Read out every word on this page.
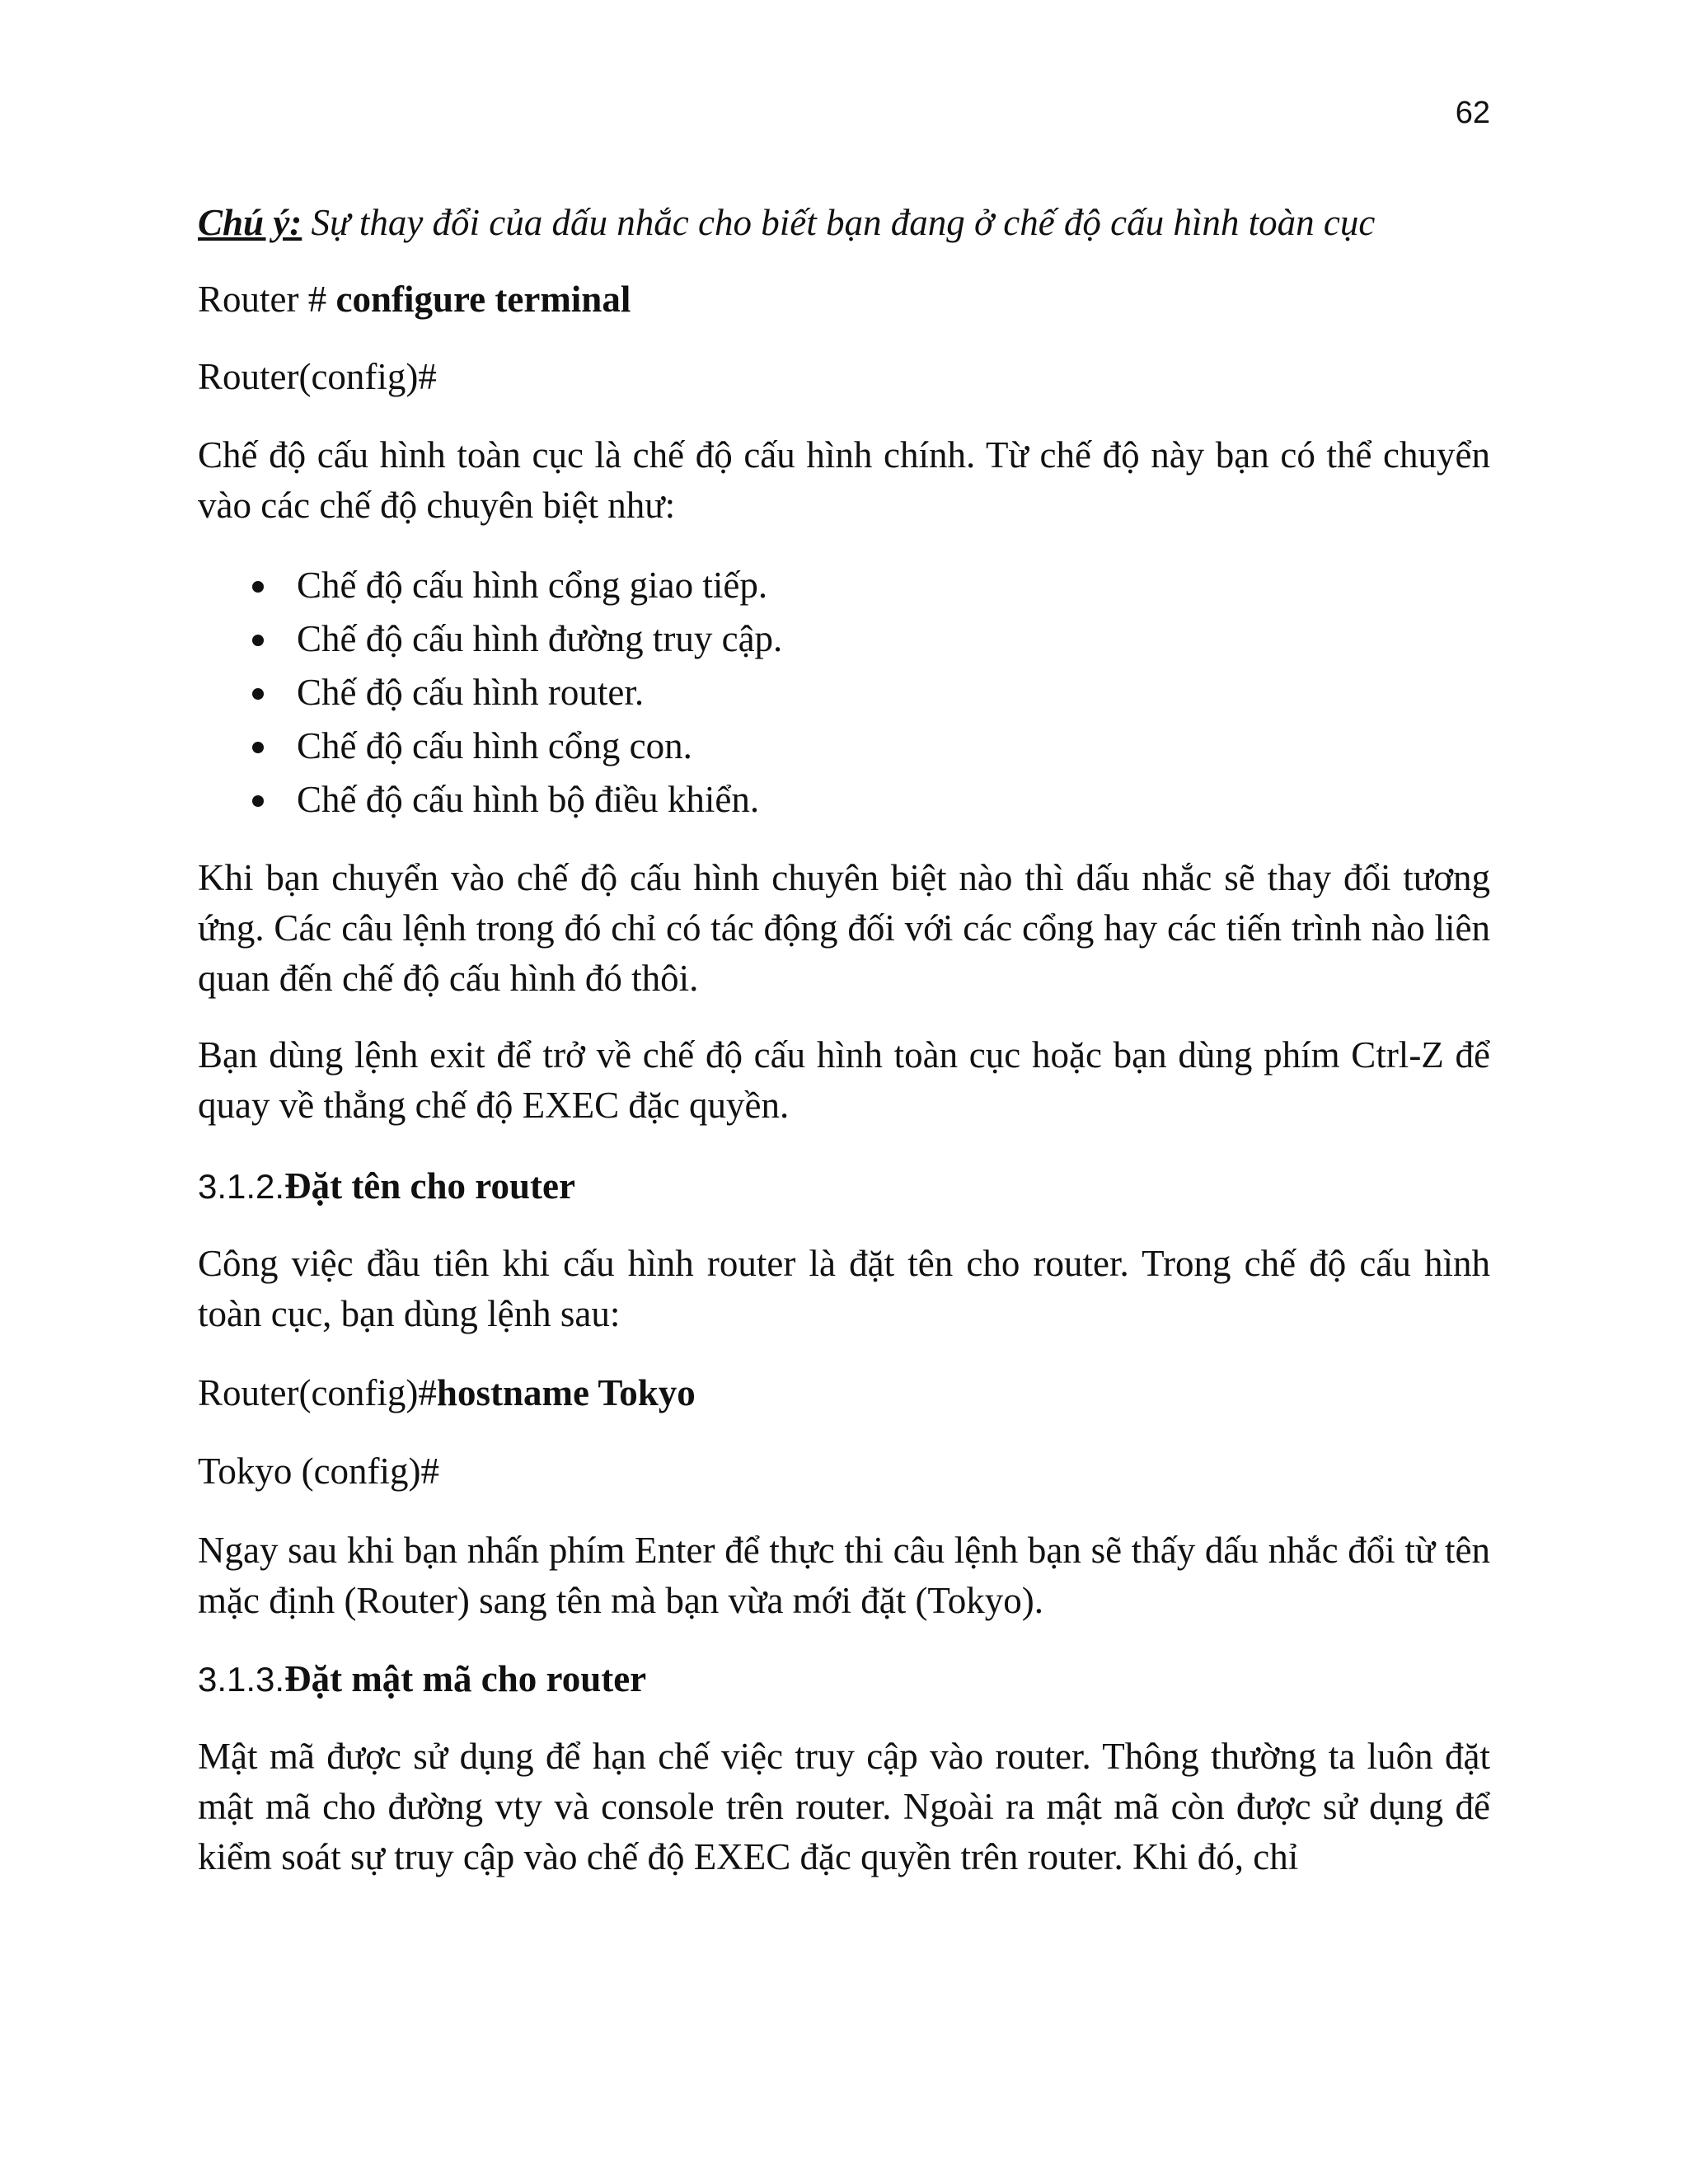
62

Chú ý: Sự thay đổi của dấu nhắc cho biết bạn đang ở chế độ cấu hình toàn cục

Router # configure terminal

Router(config)#

Chế độ cấu hình toàn cục là chế độ cấu hình chính. Từ chế độ này bạn có thể chuyển vào các chế độ chuyên biệt như:

Chế độ cấu hình cổng giao tiếp.
Chế độ cấu hình đường truy cập.
Chế độ cấu hình router.
Chế độ cấu hình cổng con.
Chế độ cấu hình bộ điều khiển.

Khi bạn chuyển vào chế độ cấu hình chuyên biệt nào thì dấu nhắc sẽ thay đổi tương ứng. Các câu lệnh trong đó chỉ có tác động đối với các cổng hay các tiến trình nào liên quan đến chế độ cấu hình đó thôi.

Bạn dùng lệnh exit để trở về chế độ cấu hình toàn cục hoặc bạn dùng phím Ctrl-Z để quay về thẳng chế độ EXEC đặc quyền.

3.1.2.Đặt tên cho router

Công việc đầu tiên khi cấu hình router là đặt tên cho router. Trong chế độ cấu hình toàn cục, bạn dùng lệnh sau:

Router(config)#hostname Tokyo

Tokyo (config)#

Ngay sau khi bạn nhấn phím Enter để thực thi câu lệnh bạn sẽ thấy dấu nhắc đổi từ tên mặc định (Router) sang tên mà bạn vừa mới đặt (Tokyo).

3.1.3.Đặt mật mã cho router

Mật mã được sử dụng để hạn chế việc truy cập vào router. Thông thường ta luôn đặt mật mã cho đường vty và console trên router. Ngoài ra mật mã còn được sử dụng để kiểm soát sự truy cập vào chế độ EXEC đặc quyền trên router. Khi đó, chỉ
